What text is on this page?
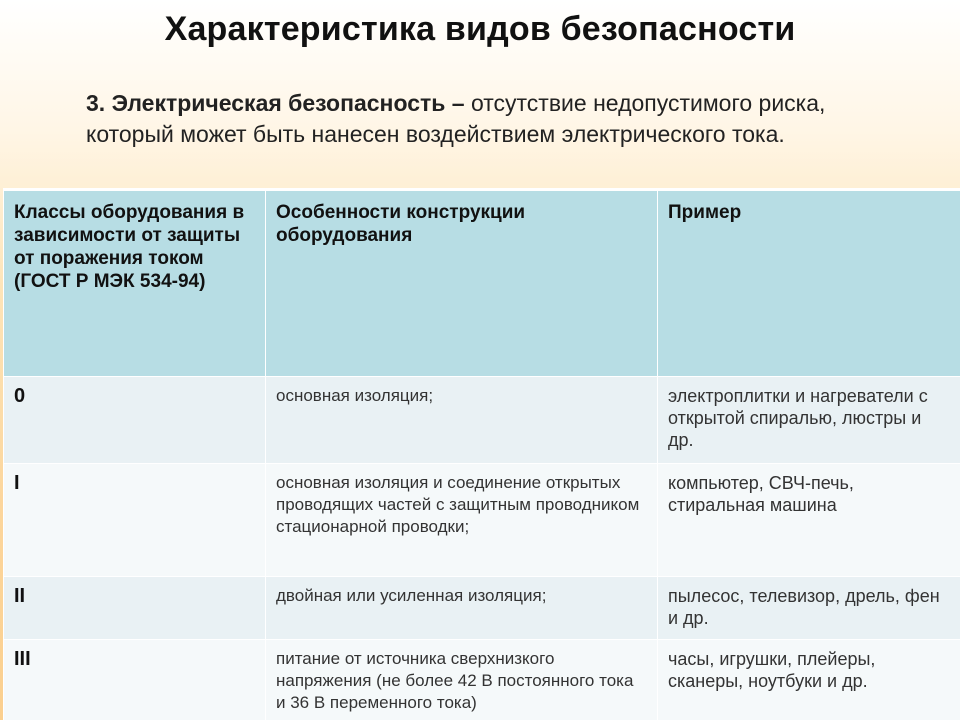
Характеристика видов безопасности
3. Электрическая безопасность – отсутствие недопустимого риска, который может быть нанесен воздействием электрического тока.
Классы оборудования в зависимости от защиты от поражения током (ГОСТ Р МЭК 534-94)	Особенности конструкции оборудования	Пример
0	основная изоляция;	электроплитки и нагреватели с открытой спиралью, люстры и др.
I	основная изоляция и соединение открытых проводящих частей с защитным проводником стационарной проводки;	компьютер, СВЧ-печь, стиральная машина
II	двойная или усиленная изоляция;	пылесос, телевизор, дрель, фен и др.
III	питание от источника сверхнизкого напряжения (не более 42 В постоянного тока и 36 В переменного тока)	часы, игрушки, плейеры, сканеры, ноутбуки и др.
